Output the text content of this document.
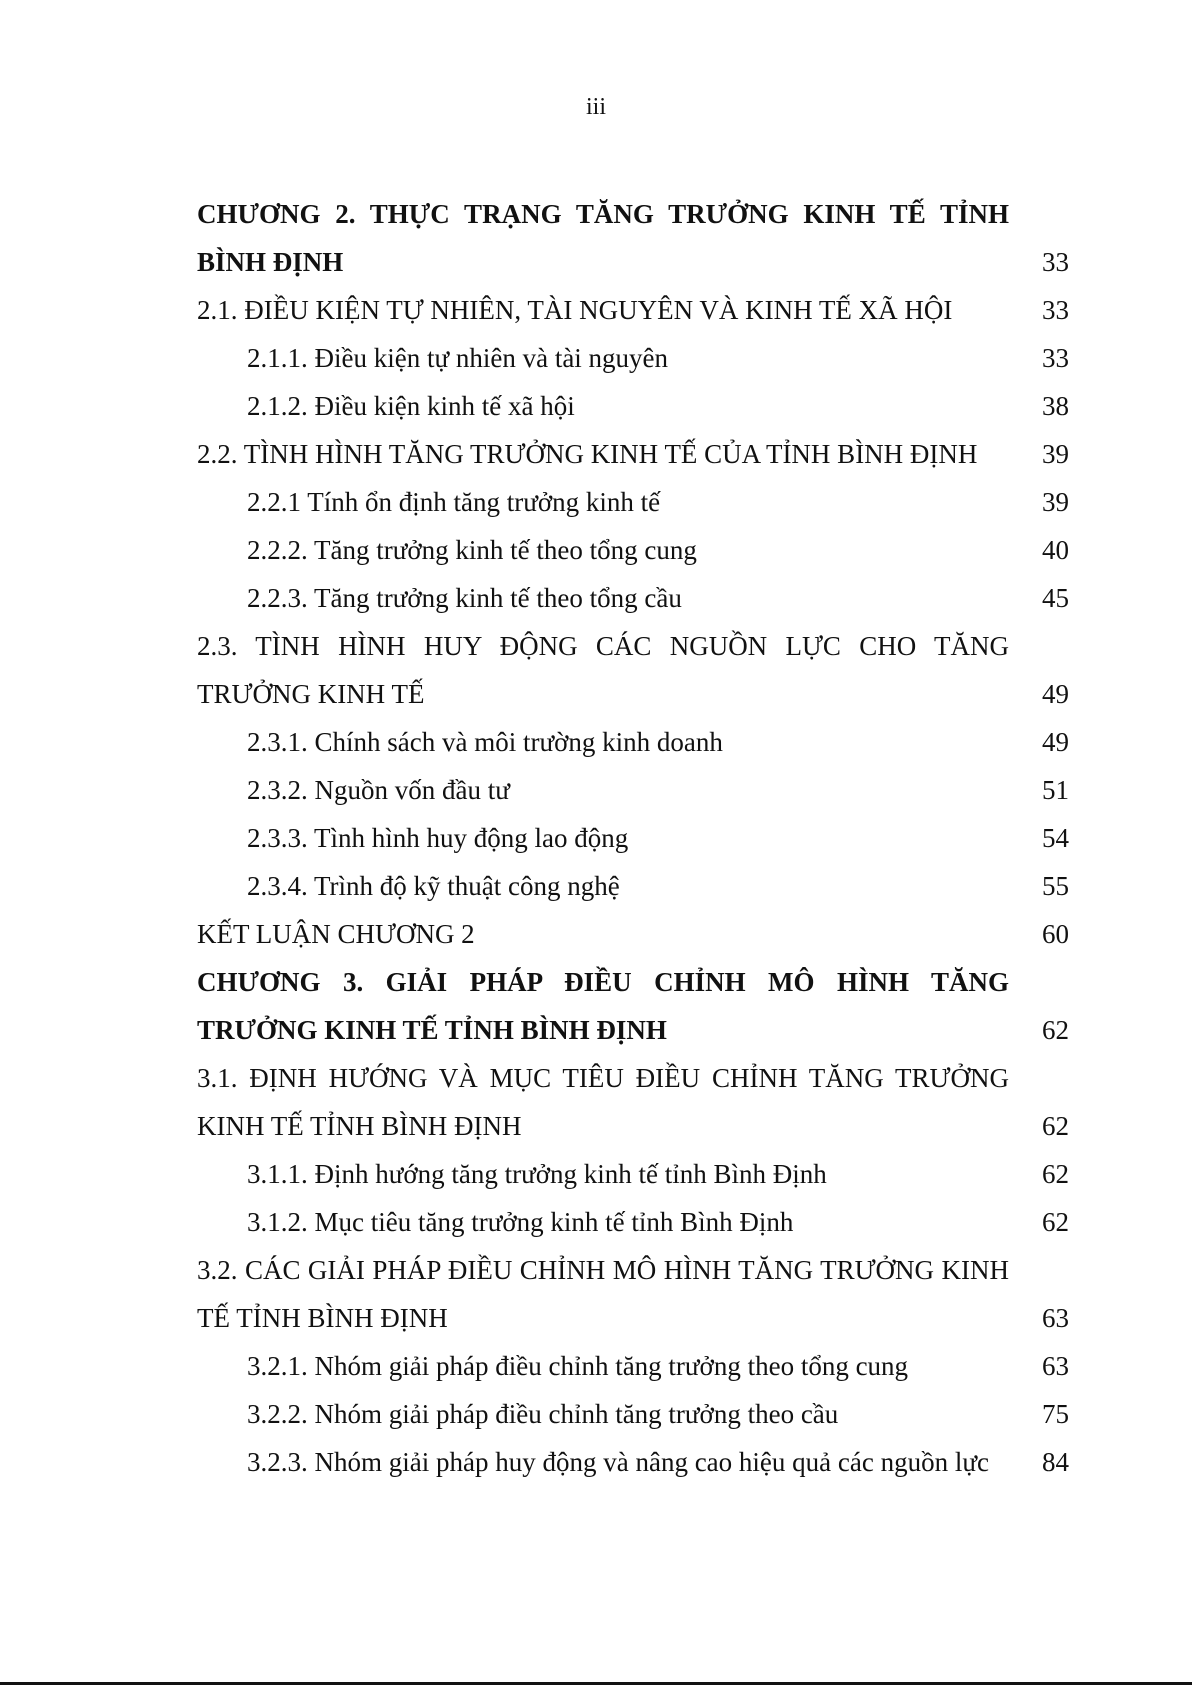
iii
CHƯƠNG 2. THỰC TRẠNG TĂNG TRƯỞNG KINH TẾ TỈNH BÌNH ĐỊNH	33
2.1. ĐIỀU KIỆN TỰ NHIÊN, TÀI NGUYÊN VÀ KINH TẾ XÃ HỘI	33
2.1.1. Điều kiện tự nhiên và tài nguyên	33
2.1.2. Điều kiện kinh tế xã hội	38
2.2. TÌNH HÌNH TĂNG TRƯỞNG KINH TẾ CỦA TỈNH BÌNH ĐỊNH	39
2.2.1 Tính ổn định tăng trưởng kinh tế	39
2.2.2. Tăng trưởng kinh tế theo tổng cung	40
2.2.3. Tăng trưởng kinh tế theo tổng cầu	45
2.3. TÌNH HÌNH HUY ĐỘNG CÁC NGUỒN LỰC CHO TĂNG TRƯỞNG KINH TẾ	49
2.3.1. Chính sách và môi trường kinh doanh	49
2.3.2. Nguồn vốn đầu tư	51
2.3.3. Tình hình huy động lao động	54
2.3.4. Trình độ kỹ thuật công nghệ	55
KẾT LUẬN CHƯƠNG 2	60
CHƯƠNG 3. GIẢI PHÁP ĐIỀU CHỈNH MÔ HÌNH TĂNG TRƯỞNG KINH TẾ TỈNH BÌNH ĐỊNH	62
3.1. ĐỊNH HƯỚNG VÀ MỤC TIÊU ĐIỀU CHỈNH TĂNG TRƯỞNG KINH TẾ TỈNH BÌNH ĐỊNH	62
3.1.1. Định hướng tăng trưởng kinh tế tỉnh Bình Định	62
3.1.2. Mục tiêu tăng trưởng kinh tế tỉnh Bình Định	62
3.2. CÁC GIẢI PHÁP ĐIỀU CHỈNH MÔ HÌNH TĂNG TRƯỞNG KINH TẾ TỈNH BÌNH ĐỊNH	63
3.2.1. Nhóm giải pháp điều chỉnh tăng trưởng theo tổng cung	63
3.2.2. Nhóm giải pháp điều chỉnh tăng trưởng theo cầu	75
3.2.3. Nhóm giải pháp huy động và nâng cao hiệu quả các nguồn lực	84
